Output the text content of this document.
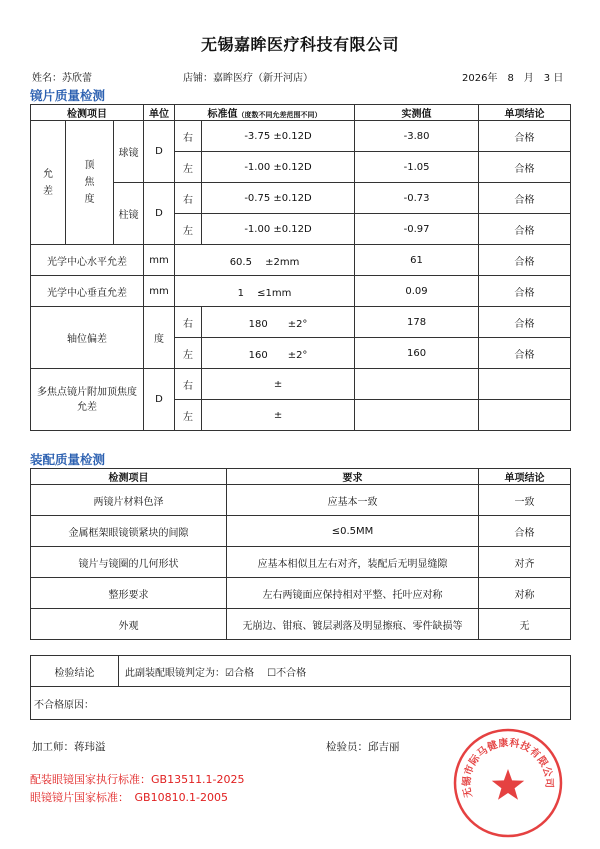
无锡嘉眸医疗科技有限公司
姓名：苏欣蕾	店铺：嘉眸医疗（新开河店）	2026年　8　月　3 日
镜片质量检测
检测项目			单位	标准值（度数不同允差范围不同）		实测值	单项结论
允差	顶焦度	球镜	D	右	-3.75 ±0.12D	-3.80	合格
				左	-1.00 ±0.12D	-1.05	合格
		柱镜	D	右	-0.75 ±0.12D	-0.73	合格
				左	-1.00 ±0.12D	-0.97	合格
光学中心水平允差			mm	60.5　 ±2mm		61	合格
光学中心垂直允差			mm	1　 ≤1mm		0.09	合格
轴位偏差			度	右	180　　±2°	178	合格
				左	160　　±2°	160	合格

多焦点镜片附加顶焦度允差			D	右	±		
				左	±		
装配质量检测
检测项目	要求	单项结论
两镜片材料色泽	应基本一致	一致
金属框架眼镜锁紧块的间隙	≤0.5MM	合格
镜片与镜圈的几何形状	应基本相似且左右对齐，装配后无明显缝隙	对齐
整形要求	左右两镜面应保持相对平整、托叶应对称	对称
外观	无崩边、钳痕、镀层剥落及明显擦痕、零件缺损等	无
检验结论	此副装配眼镜判定为：☑合格　 ☐不合格
不合格原因：
加工师：蒋玮溢	检验员：邱吉丽
配装眼镜国家执行标准：GB13511.1-2025
眼镜镜片国家标准：　GB10810.1-2005	无锡市际马健康科技有限公司
